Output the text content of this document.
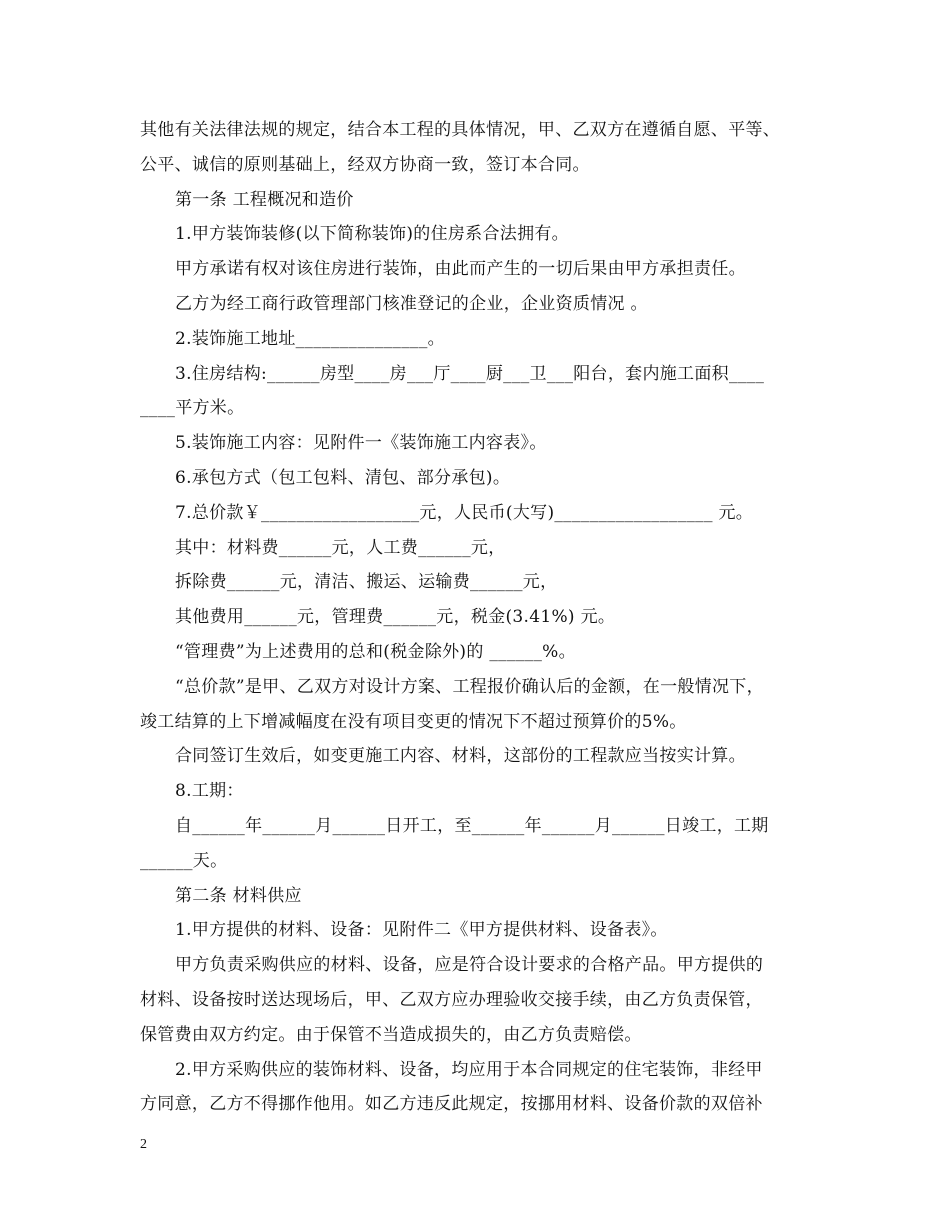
其他有关法律法规的规定，结合本工程的具体情况，甲、乙双方在遵循自愿、平等、
公平、诚信的原则基础上，经双方协商一致，签订本合同。
第一条 工程概况和造价
1.甲方装饰装修(以下简称装饰)的住房系合法拥有。
甲方承诺有权对该住房进行装饰，由此而产生的一切后果由甲方承担责任。
乙方为经工商行政管理部门核准登记的企业，企业资质情况 。
2.装饰施工地址_______________。
3.住房结构:______房型____房___厅____厨___卫___阳台，套内施工面积____
____平方米。
5.装饰施工内容：见附件一《装饰施工内容表》。
6.承包方式（包工包料、清包、部分承包)。
7.总价款￥__________________元，人民币(大写)__________________ 元。
其中：材料费______元，人工费______元，
拆除费______元，清洁、搬运、运输费______元，
其他费用______元，管理费______元，税金(3.41%) 元。
“管理费”为上述费用的总和(税金除外)的 ______%。
“总价款”是甲、乙双方对设计方案、工程报价确认后的金额，在一般情况下，
竣工结算的上下增减幅度在没有项目变更的情况下不超过预算价的5%。
合同签订生效后，如变更施工内容、材料，这部份的工程款应当按实计算。
8.工期：
自______年______月______日开工，至______年______月______日竣工，工期
______天。
第二条 材料供应
1.甲方提供的材料、设备：见附件二《甲方提供材料、设备表》。
甲方负责采购供应的材料、设备，应是符合设计要求的合格产品。甲方提供的
材料、设备按时送达现场后，甲、乙双方应办理验收交接手续，由乙方负责保管，
保管费由双方约定。由于保管不当造成损失的，由乙方负责赔偿。
2.甲方采购供应的装饰材料、设备，均应用于本合同规定的住宅装饰，非经甲
方同意，乙方不得挪作他用。如乙方违反此规定，按挪用材料、设备价款的双倍补
2
